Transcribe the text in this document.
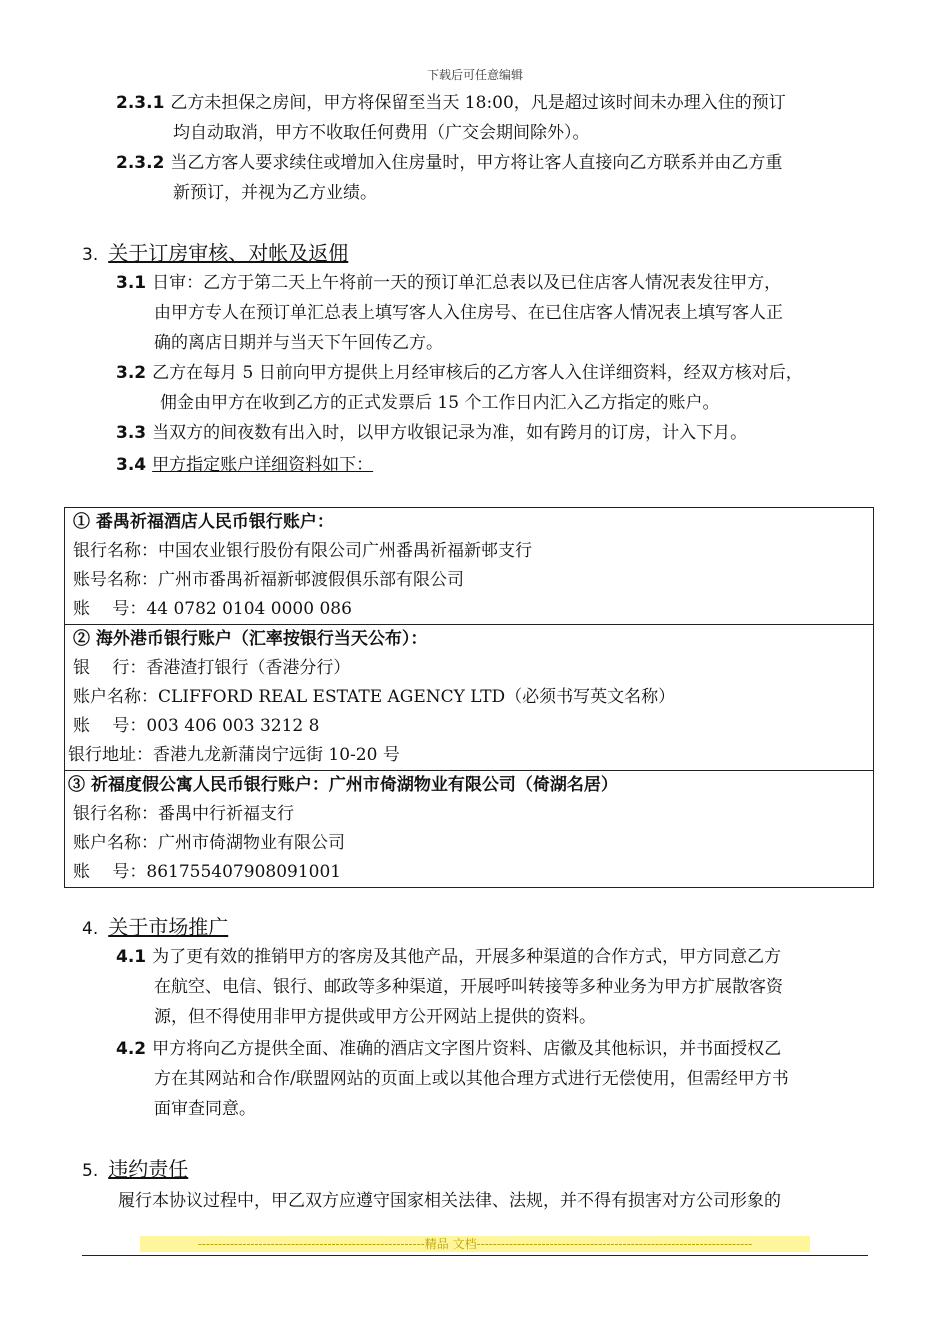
下载后可任意编辑
2.3.1 乙方未担保之房间，甲方将保留至当天 18:00，凡是超过该时间未办理入住的预订
均自动取消，甲方不收取任何费用（广交会期间除外）。
2.3.2 当乙方客人要求续住或增加入住房量时，甲方将让客人直接向乙方联系并由乙方重
新预订，并视为乙方业绩。
3. 关于订房审核、对帐及返佣
3.1 日审：乙方于第二天上午将前一天的预订单汇总表以及已住店客人情况表发往甲方，
由甲方专人在预订单汇总表上填写客人入住房号、在已住店客人情况表上填写客人正
确的离店日期并与当天下午回传乙方。
3.2 乙方在每月 5 日前向甲方提供上月经审核后的乙方客人入住详细资料，经双方核对后，
佣金由甲方在收到乙方的正式发票后 15 个工作日内汇入乙方指定的账户。
3.3 当双方的间夜数有出入时，以甲方收银记录为准，如有跨月的订房，计入下月。
3.4 甲方指定账户详细资料如下：
① 番禺祈福酒店人民币银行账户：
银行名称：中国农业银行股份有限公司广州番禺祈福新邨支行
账号名称：广州市番禺祈福新邨渡假俱乐部有限公司
账　 号：44 0782 0104 0000 086
② 海外港币银行账户（汇率按银行当天公布）：
银　 行：香港渣打银行（香港分行）
账户名称：CLIFFORD REAL ESTATE AGENCY LTD（必须书写英文名称）
账　 号：003 406 003 3212 8
银行地址：香港九龙新蒲岗宁远街 10-20 号
③ 祈福度假公寓人民币银行账户：广州市倚湖物业有限公司（倚湖名居）
银行名称：番禺中行祈福支行
账户名称：广州市倚湖物业有限公司
账　 号：861755407908091001
4. 关于市场推广
4.1 为了更有效的推销甲方的客房及其他产品，开展多种渠道的合作方式，甲方同意乙方
在航空、电信、银行、邮政等多种渠道，开展呼叫转接等多种业务为甲方扩展散客资
源，但不得使用非甲方提供或甲方公开网站上提供的资料。
4.2 甲方将向乙方提供全面、准确的酒店文字图片资料、店徽及其他标识，并书面授权乙
方在其网站和合作/联盟网站的页面上或以其他合理方式进行无偿使用，但需经甲方书
面审查同意。
5. 违约责任
履行本协议过程中，甲乙双方应遵守国家相关法律、法规，并不得有损害对方公司形象的
--------------------------------------------------------精品 文档--------------------------------------------------------------------
